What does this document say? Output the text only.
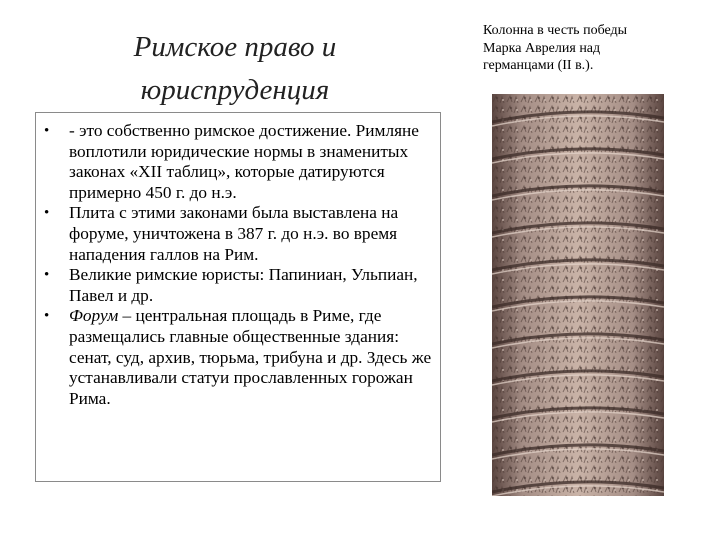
Римское право и
юриспруденция
• - это собственно римское достижение. Римляне воплотили юридические нормы в знаменитых законах «XII таблиц», которые датируются примерно 450 г. до н.э.
• Плита с этими законами была выставлена на форуме, уничтожена в 387 г. до н.э. во время нападения галлов на Рим.
• Великие римские юристы: Папиниан, Ульпиан, Павел и др.
• Форум – центральная площадь в Риме, где размещались главные общественные здания: сенат, суд, архив, тюрьма, трибуна и др. Здесь же устанавливали статуи прославленных горожан Рима.
Колонна в честь победы
Марка Аврелия над
германцами (II в.).
